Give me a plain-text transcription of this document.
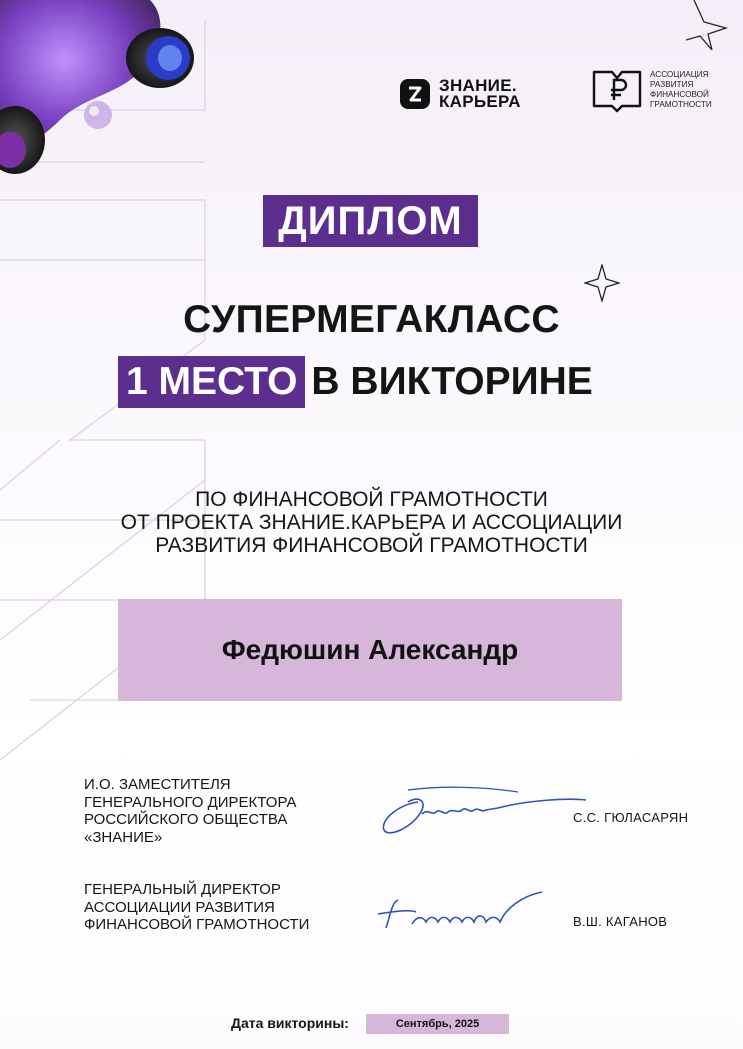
ЗНАНИЕ.
КАРЬЕРА
АССОЦИАЦИЯ
РАЗВИТИЯ
ФИНАНСОВОЙ
ГРАМОТНОСТИ
ДИПЛОМ
СУПЕРМЕГАКЛАСС
1 МЕСТО В ВИКТОРИНЕ
ПО ФИНАНСОВОЙ ГРАМОТНОСТИ
ОТ ПРОЕКТА ЗНАНИЕ.КАРЬЕРА И АССОЦИАЦИИ
РАЗВИТИЯ ФИНАНСОВОЙ ГРАМОТНОСТИ
Федюшин Александр
И.О. ЗАМЕСТИТЕЛЯ
ГЕНЕРАЛЬНОГО ДИРЕКТОРА
РОССИЙСКОГО ОБЩЕСТВА
«ЗНАНИЕ»
С.С. ГЮЛАСАРЯН
ГЕНЕРАЛЬНЫЙ ДИРЕКТОР
АССОЦИАЦИИ РАЗВИТИЯ
ФИНАНСОВОЙ ГРАМОТНОСТИ	В.Ш. КАГАНОВ
Дата викторины:	Сентябрь, 2025
